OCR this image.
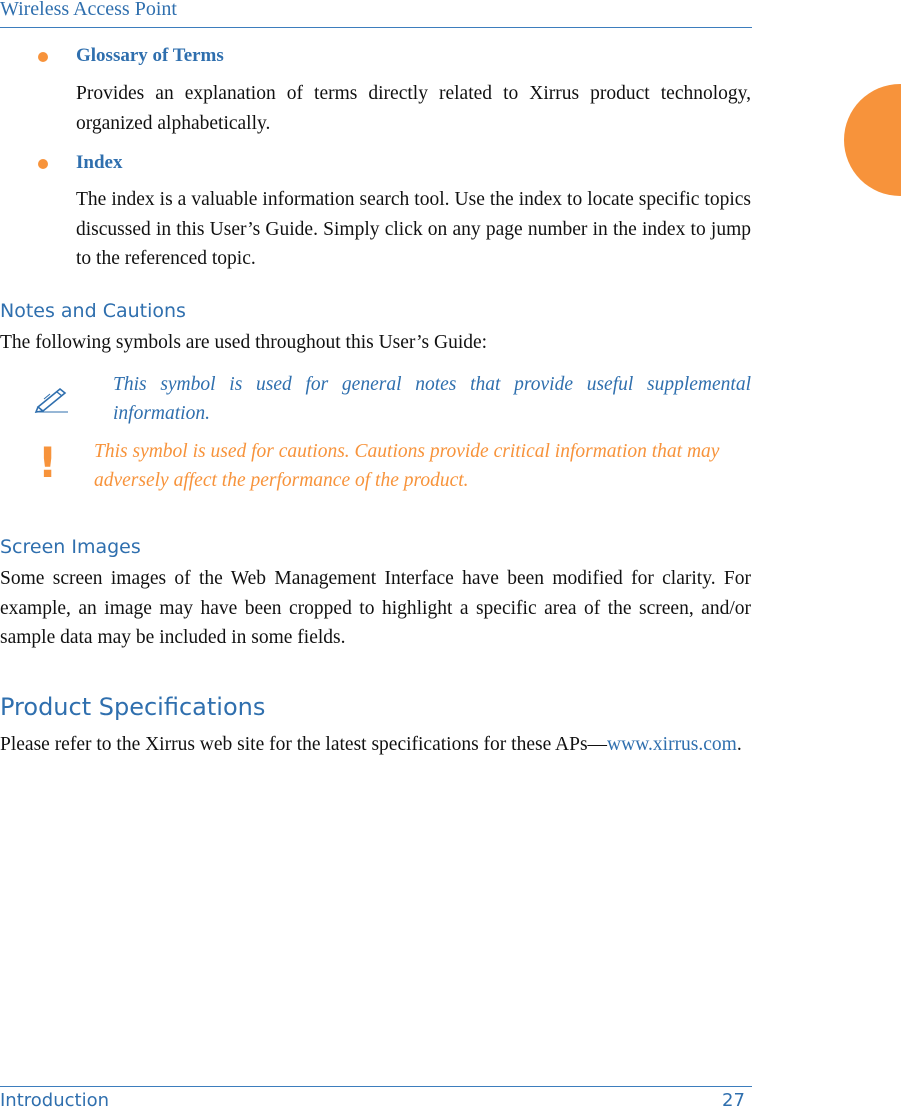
Wireless Access Point
Glossary of Terms
Provides an explanation of terms directly related to Xirrus product technology, organized alphabetically.
Index
The index is a valuable information search tool. Use the index to locate specific topics discussed in this User’s Guide. Simply click on any page number in the index to jump to the referenced topic.
Notes and Cautions
The following symbols are used throughout this User’s Guide:
This symbol is used for general notes that provide useful supplemental information.
! This symbol is used for cautions. Cautions provide critical information that may adversely affect the performance of the product.
Screen Images
Some screen images of the Web Management Interface have been modified for clarity. For example, an image may have been cropped to highlight a specific area of the screen, and/or sample data may be included in some fields.
Product Specifications
Please refer to the Xirrus web site for the latest specifications for these APs—www.xirrus.com.
Introduction	27
